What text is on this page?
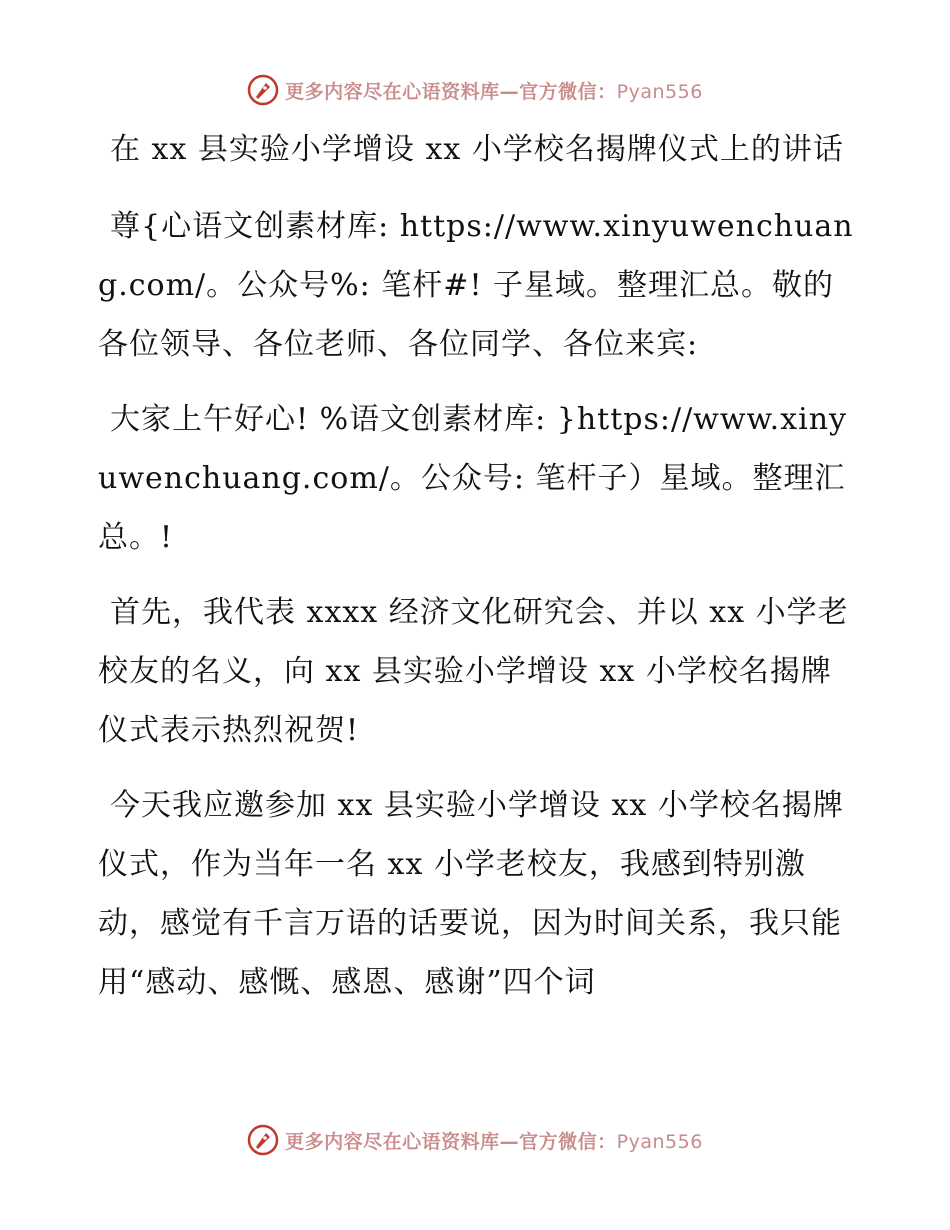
更多内容尽在心语资料库—官方微信：Pyan556

在 xx 县实验小学增设 xx 小学校名揭牌仪式上的讲话

尊{心语文创素材库: https://www.xinyuwenchuang.com/。公众号%: 笔杆#! 子星域。整理汇总。敬的各位领导、各位老师、各位同学、各位来宾:

大家上午好心! %语文创素材库: }https://www.xinyuwenchuang.com/。公众号: 笔杆子）星域。整理汇总。!

首先，我代表 xxxx 经济文化研究会、并以 xx 小学老校友的名义，向 xx 县实验小学增设 xx 小学校名揭牌仪式表示热烈祝贺!

今天我应邀参加 xx 县实验小学增设 xx 小学校名揭牌仪式，作为当年一名 xx 小学老校友，我感到特别激动，感觉有千言万语的话要说，因为时间关系，我只能用“感动、感慨、感恩、感谢”四个词

更多内容尽在心语资料库—官方微信：Pyan556
